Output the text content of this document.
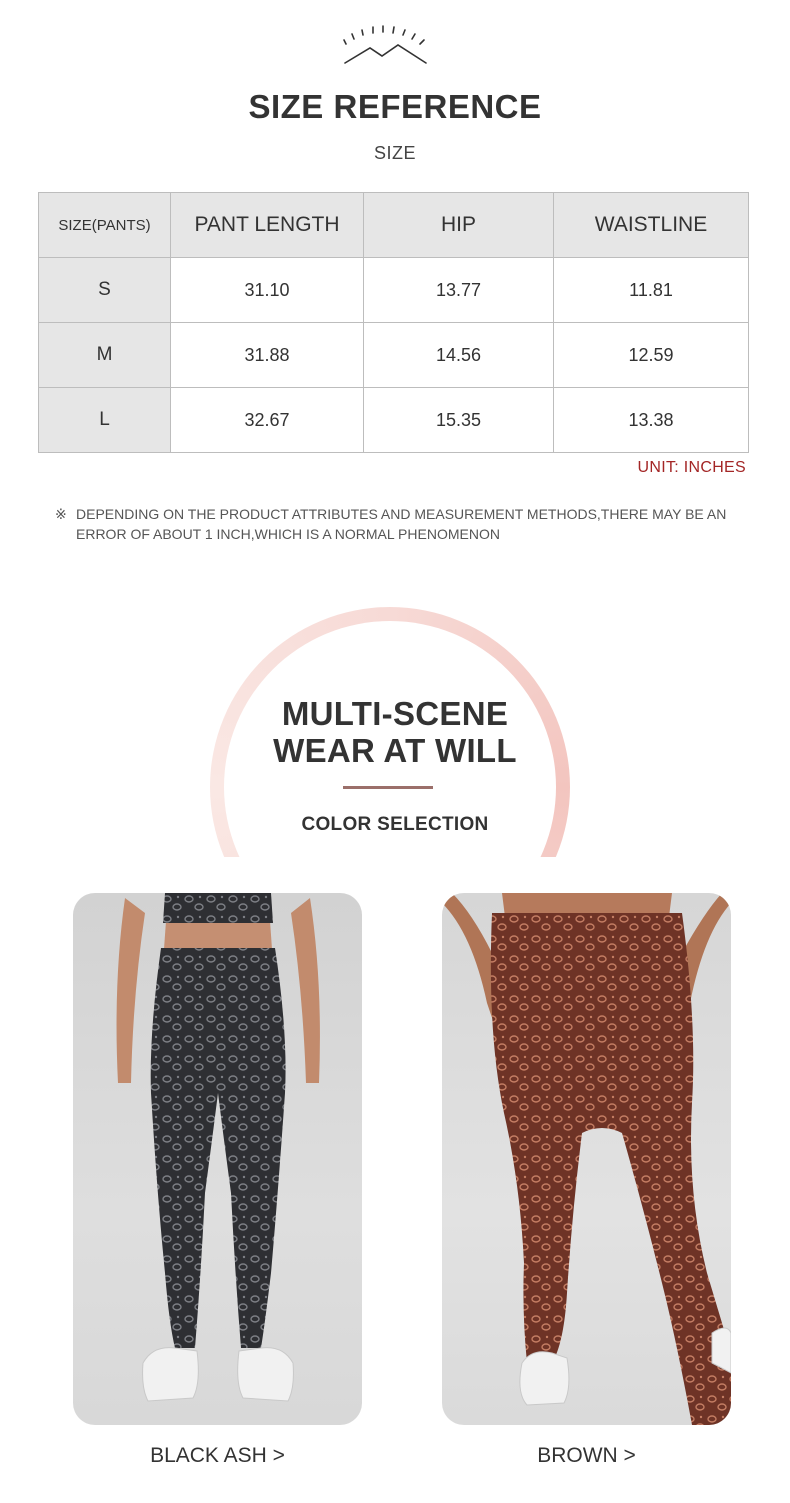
SIZE REFERENCE
SIZE
SIZE(PANTS)	PANT LENGTH	HIP	WAISTLINE
S	31.10	13.77	11.81
M	31.88	14.56	12.59
L	32.67	15.35	13.38
UNIT: INCHES
※ DEPENDING ON THE PRODUCT ATTRIBUTES AND MEASUREMENT METHODS,THERE MAY BE AN ERROR OF ABOUT 1 INCH,WHICH IS A NORMAL PHENOMENON
MULTI-SCENE
WEAR AT WILL
COLOR SELECTION
BLACK ASH >	BROWN >
